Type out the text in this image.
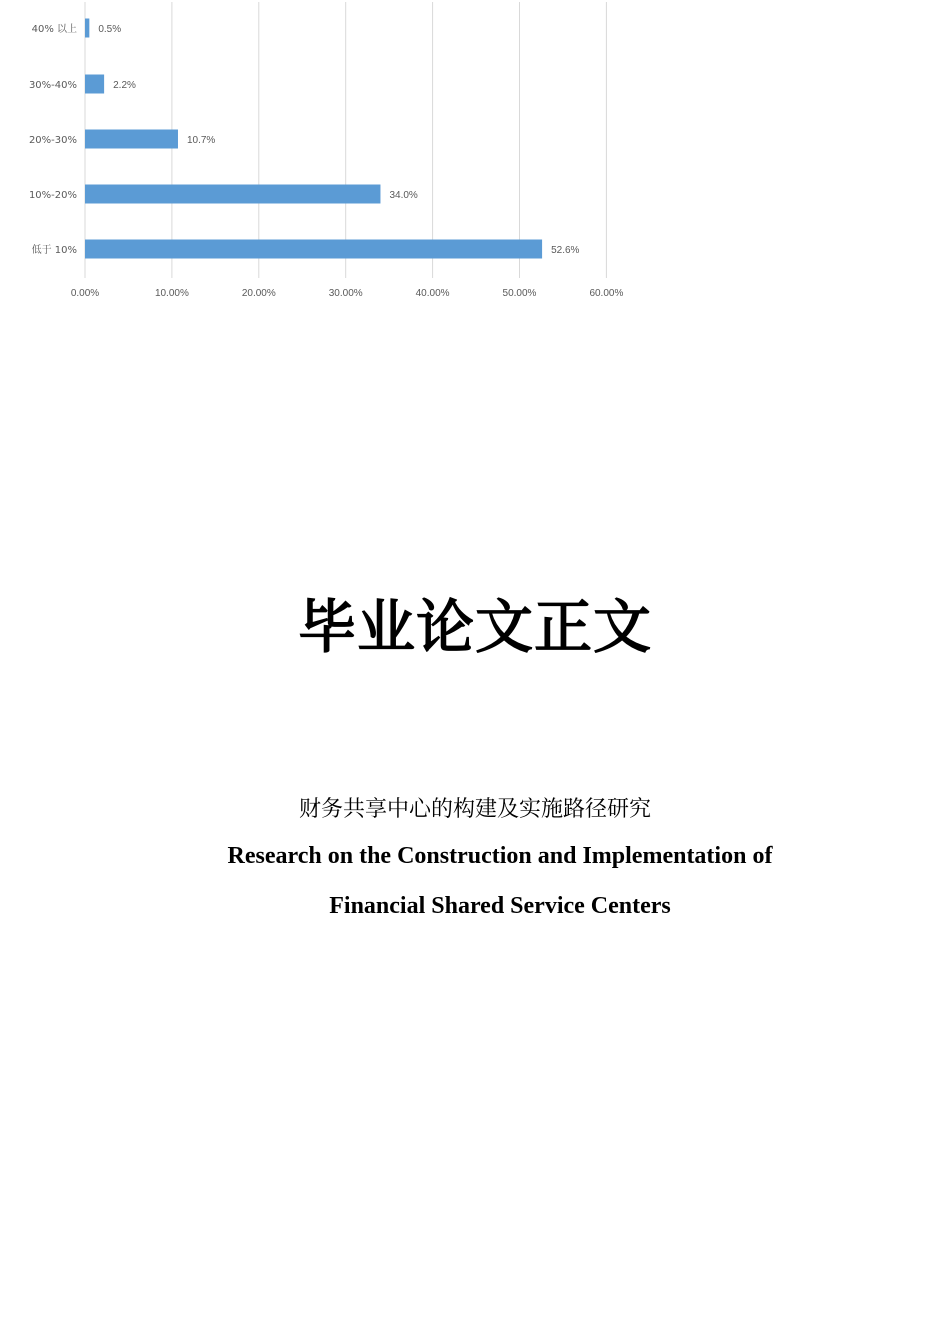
0.00%	10.00%	20.00%	30.00%	40.00%	50.00%	60.00%
40% 以上 0.5%
30%-40%	2.2%
20%-30%	10.7%
10%-20%	34.0%
低于 10%	52.6%
毕业论文正文
财务共享中心的构建及实施路径研究
Research on the Construction and Implementation of
Financial Shared Service Centers
